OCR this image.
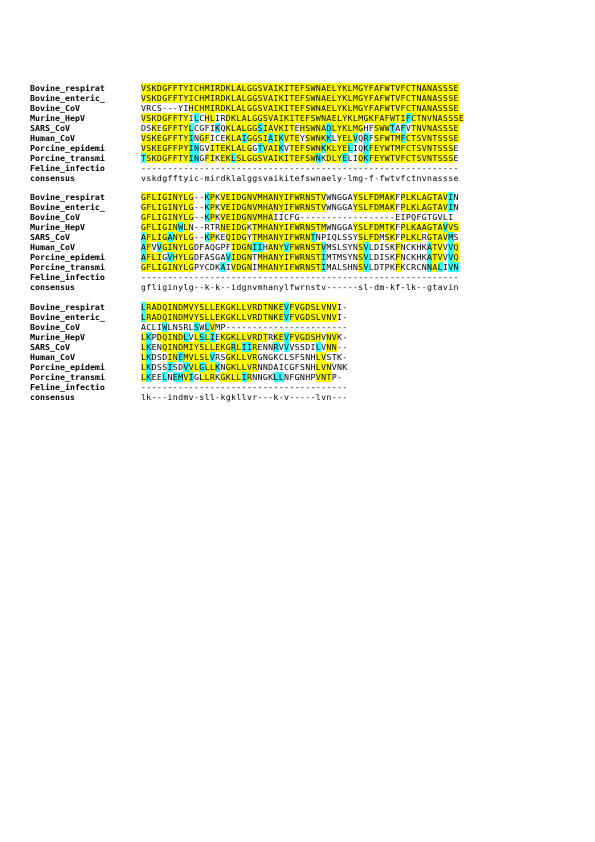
Bovine_respirat	VSKDGFFTYICHMIRDKLALGGSVAIKITEFSWNAELYKLMGYFAFWTVFCTNANASSSE
Bovine_enteric_	VSKDGFFTYICHMIRDKLALGGSVAIKITEFSWNAELYKLMGYFAFWTVFCTNANASSSE
Bovine_CoV	VRCS---YIHCHMIRDKLALGGSVAIKITEFSWNAELYKLMGYFAFWTVFCTNANASSSE
Murine_HepV	VSKDGFFTYILCHLIRDKLALGGSVAIKITEFSWNAELYKLMGKFAFWTIFCTNVNASSSE
SARS_CoV	DSKEGFFTYLCGFIKQKLALGGSIAVKITEHSWNADLYKLMGHFSWWTAFVTNVNASSSE
Human_CoV	VSKEGFFTYINGFICEKLAIGGSIAIKVTEYSWNKKLYELVQRFSFWTMFCTSVNTSSSE
Porcine_epidemi	VSKEGFFPYINGVITEKLALGGTVAIKVTEFSWNKKLYELIQKFEYWTMFCTSVNTSSSE
Porcine_transmi	TSKDGFFTYINGFIKEKLSLGGSVAIKITEFSWNKDLYELIQKFEYWTVFCTSVNTSSSE
Feline_infectio	------------------------------------------------------------
consensus	vskdgfftyic-mirdklalggsvaikitefswnaely-lmg-f-fwtvfctnvnassse
Bovine_respirat	GFLIGINYLG--KPKVEIDGNVMHANYIFWRNSTVWNGGAYSLFDMAKFPLKLAGTAVIN
Bovine_enteric_	GFLIGINYLG--KPKVEIDGNVMHANYIFWRNSTVWNGGAYSLFDMAKFPLKLAGTAVIN
Bovine_CoV	GFLIGINYLG--KPKVEIDGNVMHAIICFG------------------EIPQFGTGVLI
Murine_HepV	GFLIGINWLN--RTRNEIDGKTMHANYIFWRNSTMWNGGAYSLFDMTKFPLKAAGTAVVS
SARS_CoV	AFLIGANYLG--KPKEQIDGYTMHANYIFWRNTNPIQLSSYSLFDMSKFPLKLRGTAVMS
Human_CoV	AFVVGINYLGDFAQGPFIDGNIIHANYVFWRNSTVMSLSYNSVLDISKFNCKHKATVVVQ
Porcine_epidemi	AFLIGVHYLGDFASGAVIDGNTMHANYIFWRNSTIMTMSYNSVLDISKFNCKHKATVVVQ
Porcine_transmi	GFLIGINYLGPYCDKAIVDGNIMHANYIFWRNSTIMALSHNSVLDTPKFKCRCNNALIVN
Feline_infectio	------------------------------------------------------------
consensus	gfliginylg--k-k--idgnvmhanylfwrnstv------sl-dm-kf-lk--gtavin
Bovine_respirat	LRADQINDMVYSLLEKGKLLVRDTNKEVFVGDSLVNVI-
Bovine_enteric_	LRADQINDMVYSLLEKGKLLVRDTNKEVFVGDSLVNVI-
Bovine_CoV	ACLIWLNSRLSWLVMP-----------------------
Murine_HepV	LKPDQINDLVLSLIEKGKLLVRDTRKEVFVGDSHVNVK-
SARS_CoV	LKENQINDMIYSLLEKGRLIIRENNRVVVSSDILVNN--
Human_CoV	LKDSDINEMVLSLVRSGKLLVRGNGKCLSFSNHLVSTK-
Porcine_epidemi	LKDSSISDVVLGLLKNGKLLVRNNDAICGFSNHLVNVNK
Porcine_transmi	LKEELNEMVIGLLRKGKLLIRNNGKLLNFGNHPVNTP-
Feline_infectio	---------------------------------------
consensus	lk---indmv-sll-kgkllvr---k-v-----lvn---
